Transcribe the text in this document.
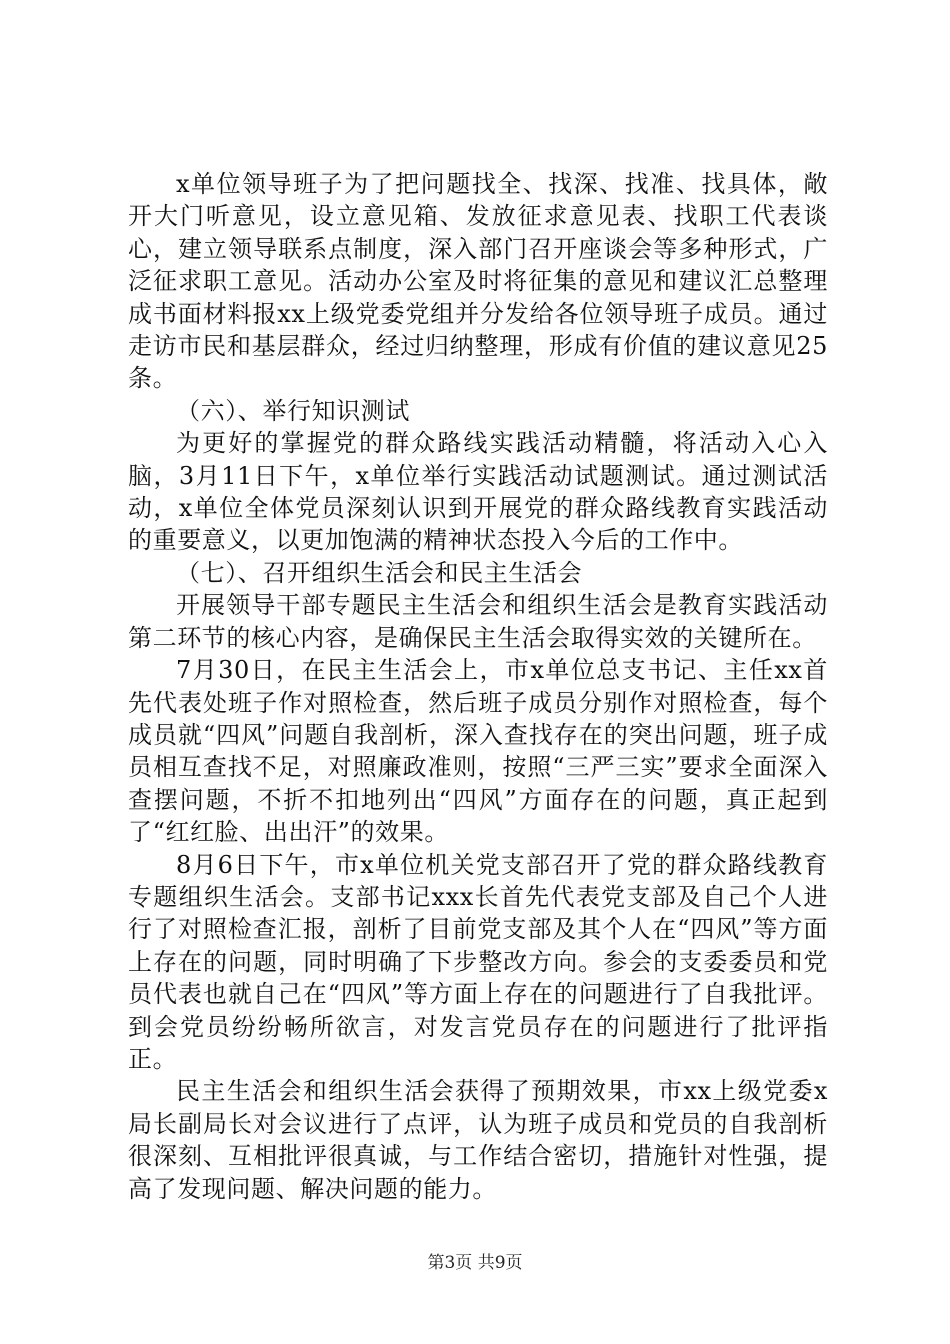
x单位领导班子为了把问题找全、找深、找准、找具体，敞开大门听意见，设立意见箱、发放征求意见表、找职工代表谈心，建立领导联系点制度，深入部门召开座谈会等多种形式，广泛征求职工意见。活动办公室及时将征集的意见和建议汇总整理成书面材料报xx上级党委党组并分发给各位领导班子成员。通过走访市民和基层群众，经过归纳整理，形成有价值的建议意见25条。

（六）、举行知识测试

为更好的掌握党的群众路线实践活动精髓，将活动入心入脑，3月11日下午，x单位举行实践活动试题测试。通过测试活动，x单位全体党员深刻认识到开展党的群众路线教育实践活动的重要意义，以更加饱满的精神状态投入今后的工作中。

（七）、召开组织生活会和民主生活会

开展领导干部专题民主生活会和组织生活会是教育实践活动第二环节的核心内容，是确保民主生活会取得实效的关键所在。

7月30日，在民主生活会上，市x单位总支书记、主任xx首先代表处班子作对照检查，然后班子成员分别作对照检查，每个成员就“四风”问题自我剖析，深入查找存在的突出问题，班子成员相互查找不足，对照廉政准则，按照“三严三实”要求全面深入查摆问题，不折不扣地列出“四风”方面存在的问题，真正起到了“红红脸、出出汗”的效果。

8月6日下午，市x单位机关党支部召开了党的群众路线教育专题组织生活会。支部书记xxx长首先代表党支部及自己个人进行了对照检查汇报，剖析了目前党支部及其个人在“四风”等方面上存在的问题，同时明确了下步整改方向。参会的支委委员和党员代表也就自己在“四风”等方面上存在的问题进行了自我批评。到会党员纷纷畅所欲言，对发言党员存在的问题进行了批评指正。

民主生活会和组织生活会获得了预期效果，市xx上级党委x局长副局长对会议进行了点评，认为班子成员和党员的自我剖析很深刻、互相批评很真诚，与工作结合密切，措施针对性强，提高了发现问题、解决问题的能力。

第3页 共9页
